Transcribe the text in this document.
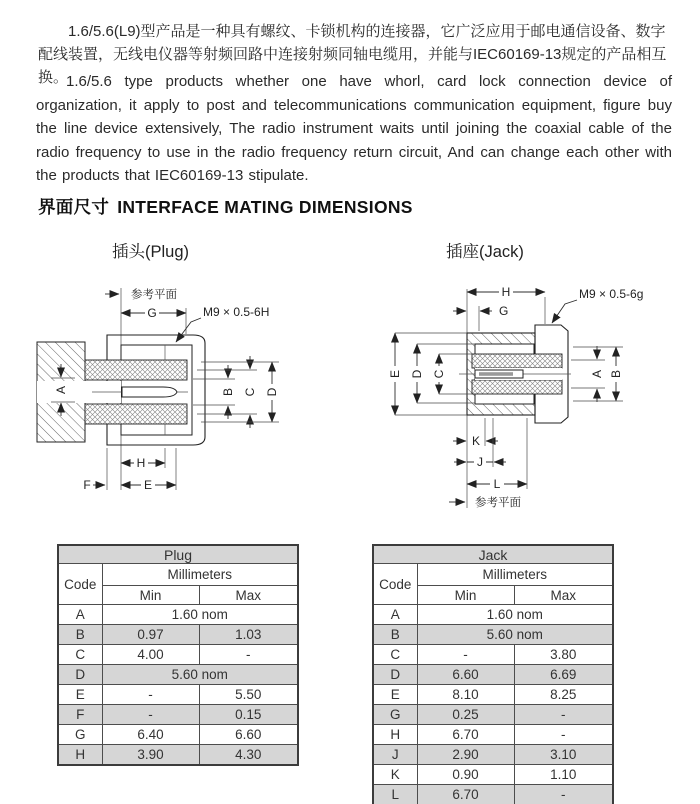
1.6/5.6(L9)型产品是一种具有螺纹、卡锁机构的连接器，它广泛应用于邮电通信设备、数字配线装置，无线电仪器等射频回路中连接射频同轴电缆用，并能与IEC60169-13规定的产品相互换。

1.6/5.6 type products whether one have whorl, card lock connection device of organization, it apply to post and telecommunications communication equipment, figure buy the line device extensively, The radio instrument waits until joining the coaxial cable of the radio frequency to use in the radio frequency return circuit, And can change each other with the products that IEC60169-13 stipulate.

界面尺寸 INTERFACE MATING DIMENSIONS
插头(Plug)	插座(Jack)
参考平面
G	M9 × 0.5-6H
A	B C D
H
E
F
H	M9 × 0.5-6g
G
E D C	A B
K
J
L
参考平面
Plug		
Code	Millimeters	
	Min	Max
A	1.60 nom	
B	0.97	1.03
C	4.00	-
D	5.60 nom	
E	-	5.50
F	-	0.15
G	6.40	6.60
H	3.90	4.30
Jack		
Code	Millimeters	
	Min	Max
A	1.60 nom	
B	5.60 nom	
C	-	3.80
D	6.60	6.69
E	8.10	8.25
G	0.25	-
H	6.70	-
J	2.90	3.10
K	0.90	1.10
L	6.70	-
